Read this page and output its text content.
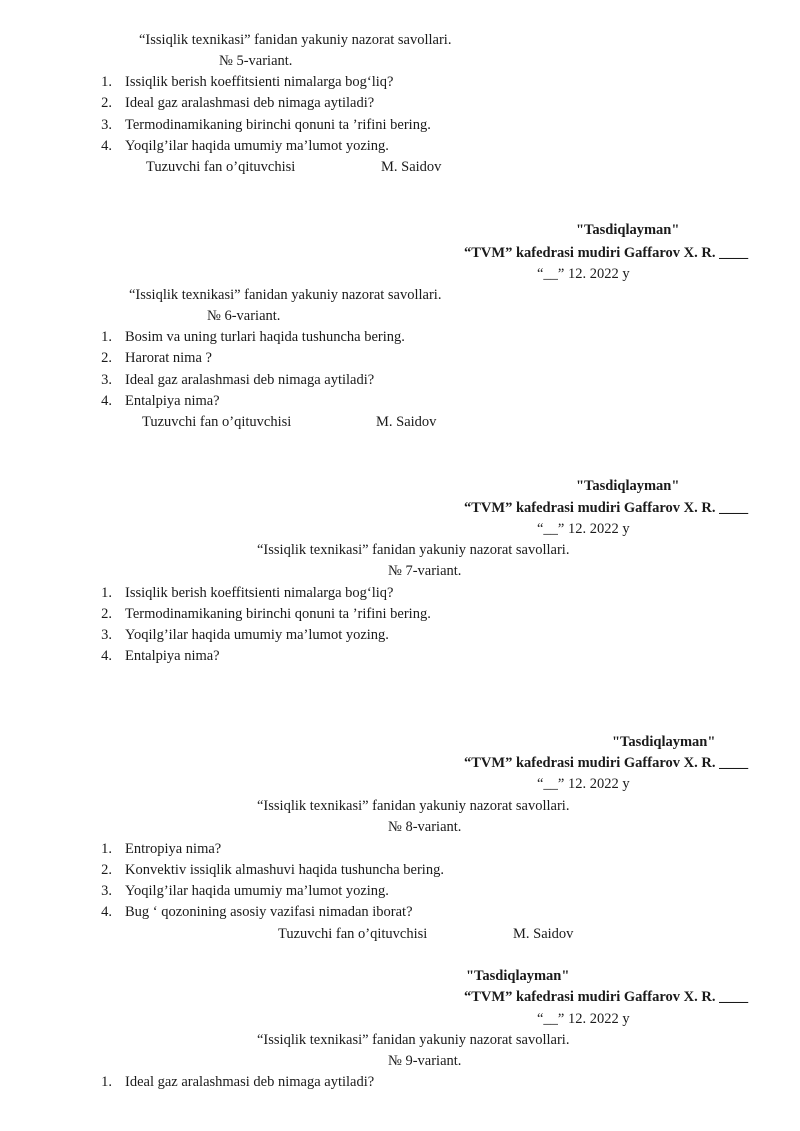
“Issiqlik texnikasi” fanidan yakuniy nazorat savollari.
№ 5-variant.
1. Issiqlik berish koeffitsienti nimalarga bog‘liq?
2. Ideal gaz aralashmasi deb nimaga aytiladi?
3. Termodinamikaning birinchi qonuni ta ’rifini bering.
4. Yoqilg’ilar haqida umumiy ma’lumot yozing.
Tuzuvchi fan o’qituvchisi	M. Saidov
"Tasdiqlayman"
“TVM” kafedrasi mudiri Gaffarov X. R. ____
“__” 12. 2022 y
“Issiqlik texnikasi” fanidan yakuniy nazorat savollari.
№ 6-variant.
1. Bosim va uning turlari haqida tushuncha bering.
2. Harorat nima ?
3. Ideal gaz aralashmasi deb nimaga aytiladi?
4. Entalpiya nima?
Tuzuvchi fan o’qituvchisi	M. Saidov
"Tasdiqlayman"
“TVM” kafedrasi mudiri Gaffarov X. R. ____
“__” 12. 2022 y
“Issiqlik texnikasi” fanidan yakuniy nazorat savollari.
№ 7-variant.
1. Issiqlik berish koeffitsienti nimalarga bog‘liq?
2. Termodinamikaning birinchi qonuni ta ’rifini bering.
3. Yoqilg’ilar haqida umumiy ma’lumot yozing.
4. Entalpiya nima?
"Tasdiqlayman"
“TVM” kafedrasi mudiri Gaffarov X. R. ____
“__” 12. 2022 y
“Issiqlik texnikasi” fanidan yakuniy nazorat savollari.
№ 8-variant.
1. Entropiya nima?
2. Konvektiv issiqlik almashuvi haqida tushuncha bering.
3. Yoqilg’ilar haqida umumiy ma’lumot yozing.
4. Bug ‘ qozonining asosiy vazifasi nimadan iborat?
Tuzuvchi fan o’qituvchisi	M. Saidov
"Tasdiqlayman"
“TVM” kafedrasi mudiri Gaffarov X. R. ____
“__” 12. 2022 y
“Issiqlik texnikasi” fanidan yakuniy nazorat savollari.
№ 9-variant.
1. Ideal gaz aralashmasi deb nimaga aytiladi?
